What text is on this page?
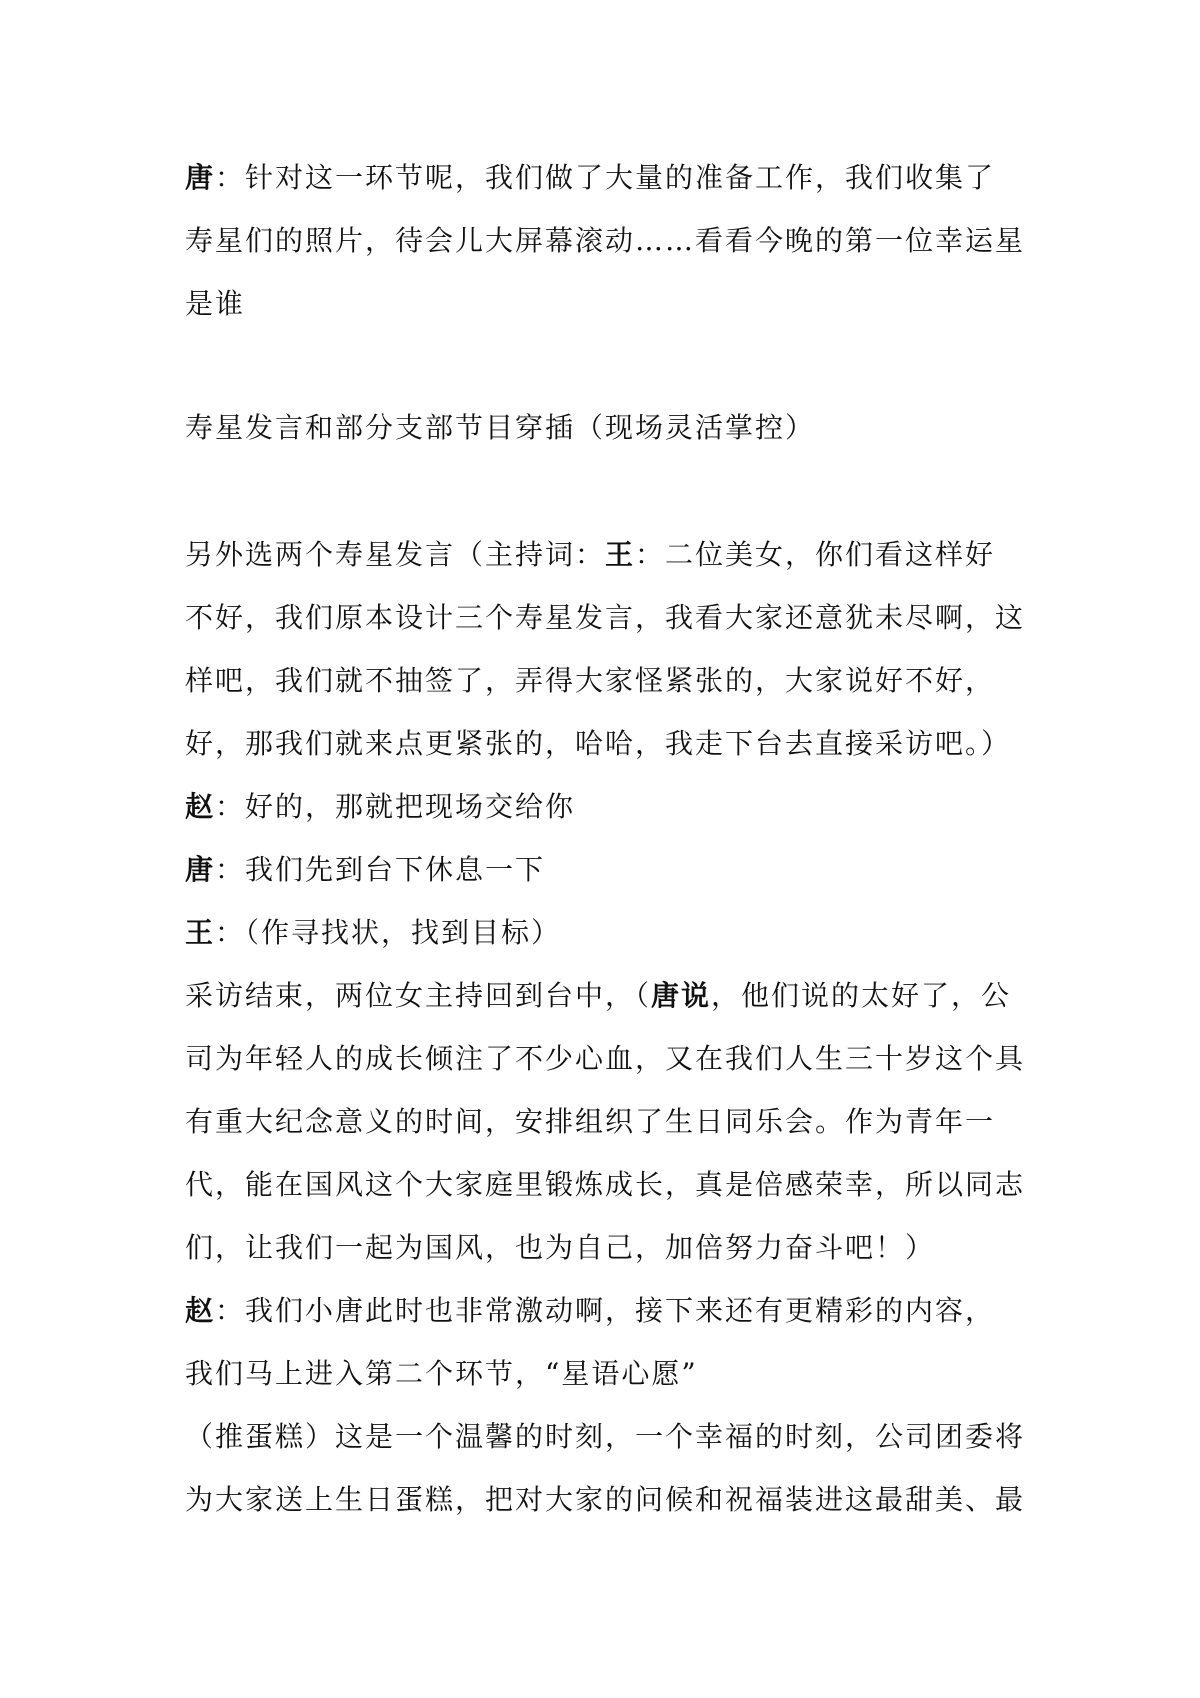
唐：针对这一环节呢，我们做了大量的准备工作，我们收集了寿星们的照片，待会儿大屏幕滚动……看看今晚的第一位幸运星是谁
寿星发言和部分支部节目穿插（现场灵活掌控）
另外选两个寿星发言（主持词：王：二位美女，你们看这样好不好，我们原本设计三个寿星发言，我看大家还意犹未尽啊，这样吧，我们就不抽签了，弄得大家怪紧张的，大家说好不好，好，那我们就来点更紧张的，哈哈，我走下台去直接采访吧。）
赵：好的，那就把现场交给你
唐：我们先到台下休息一下
王：（作寻找状，找到目标）
采访结束，两位女主持回到台中，（唐说，他们说的太好了，公司为年轻人的成长倾注了不少心血，又在我们人生三十岁这个具有重大纪念意义的时间，安排组织了生日同乐会。作为青年一代，能在国风这个大家庭里锻炼成长，真是倍感荣幸，所以同志们，让我们一起为国风，也为自己，加倍努力奋斗吧！）
赵：我们小唐此时也非常激动啊，接下来还有更精彩的内容，我们马上进入第二个环节，“星语心愿”
（推蛋糕）这是一个温馨的时刻，一个幸福的时刻，公司团委将为大家送上生日蛋糕，把对大家的问候和祝福装进这最甜美、最
